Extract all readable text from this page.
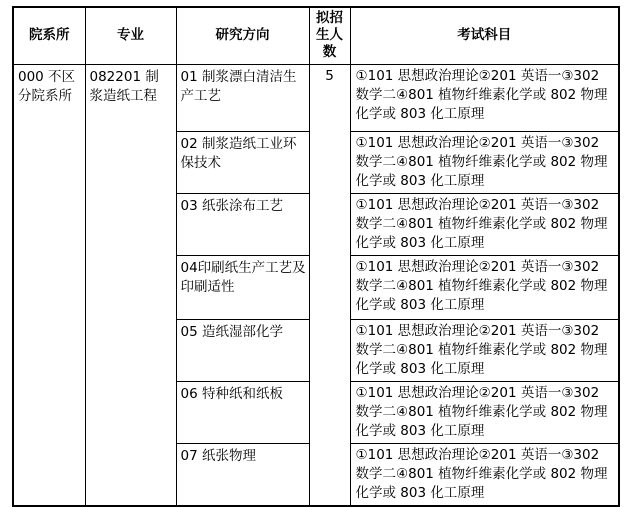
院系所	专业	研究方向	拟招生人数	考试科目
000 不区分院系所	082201 制浆造纸工程	01 制浆漂白清洁生产工艺	5	①101 思想政治理论②201 英语一③302 数学二④801 植物纤维素化学或 802 物理化学或 803 化工原理
		02 制浆造纸工业环保技术		①101 思想政治理论②201 英语一③302 数学二④801 植物纤维素化学或 802 物理化学或 803 化工原理
		03 纸张涂布工艺		①101 思想政治理论②201 英语一③302 数学二④801 植物纤维素化学或 802 物理化学或 803 化工原理
		04印刷纸生产工艺及印刷适性		①101 思想政治理论②201 英语一③302 数学二④801 植物纤维素化学或 802 物理化学或 803 化工原理
		05 造纸湿部化学		①101 思想政治理论②201 英语一③302 数学二④801 植物纤维素化学或 802 物理化学或 803 化工原理
		06 特种纸和纸板		①101 思想政治理论②201 英语一③302 数学二④801 植物纤维素化学或 802 物理化学或 803 化工原理
		07 纸张物理		①101 思想政治理论②201 英语一③302 数学二④801 植物纤维素化学或 802 物理化学或 803 化工原理
